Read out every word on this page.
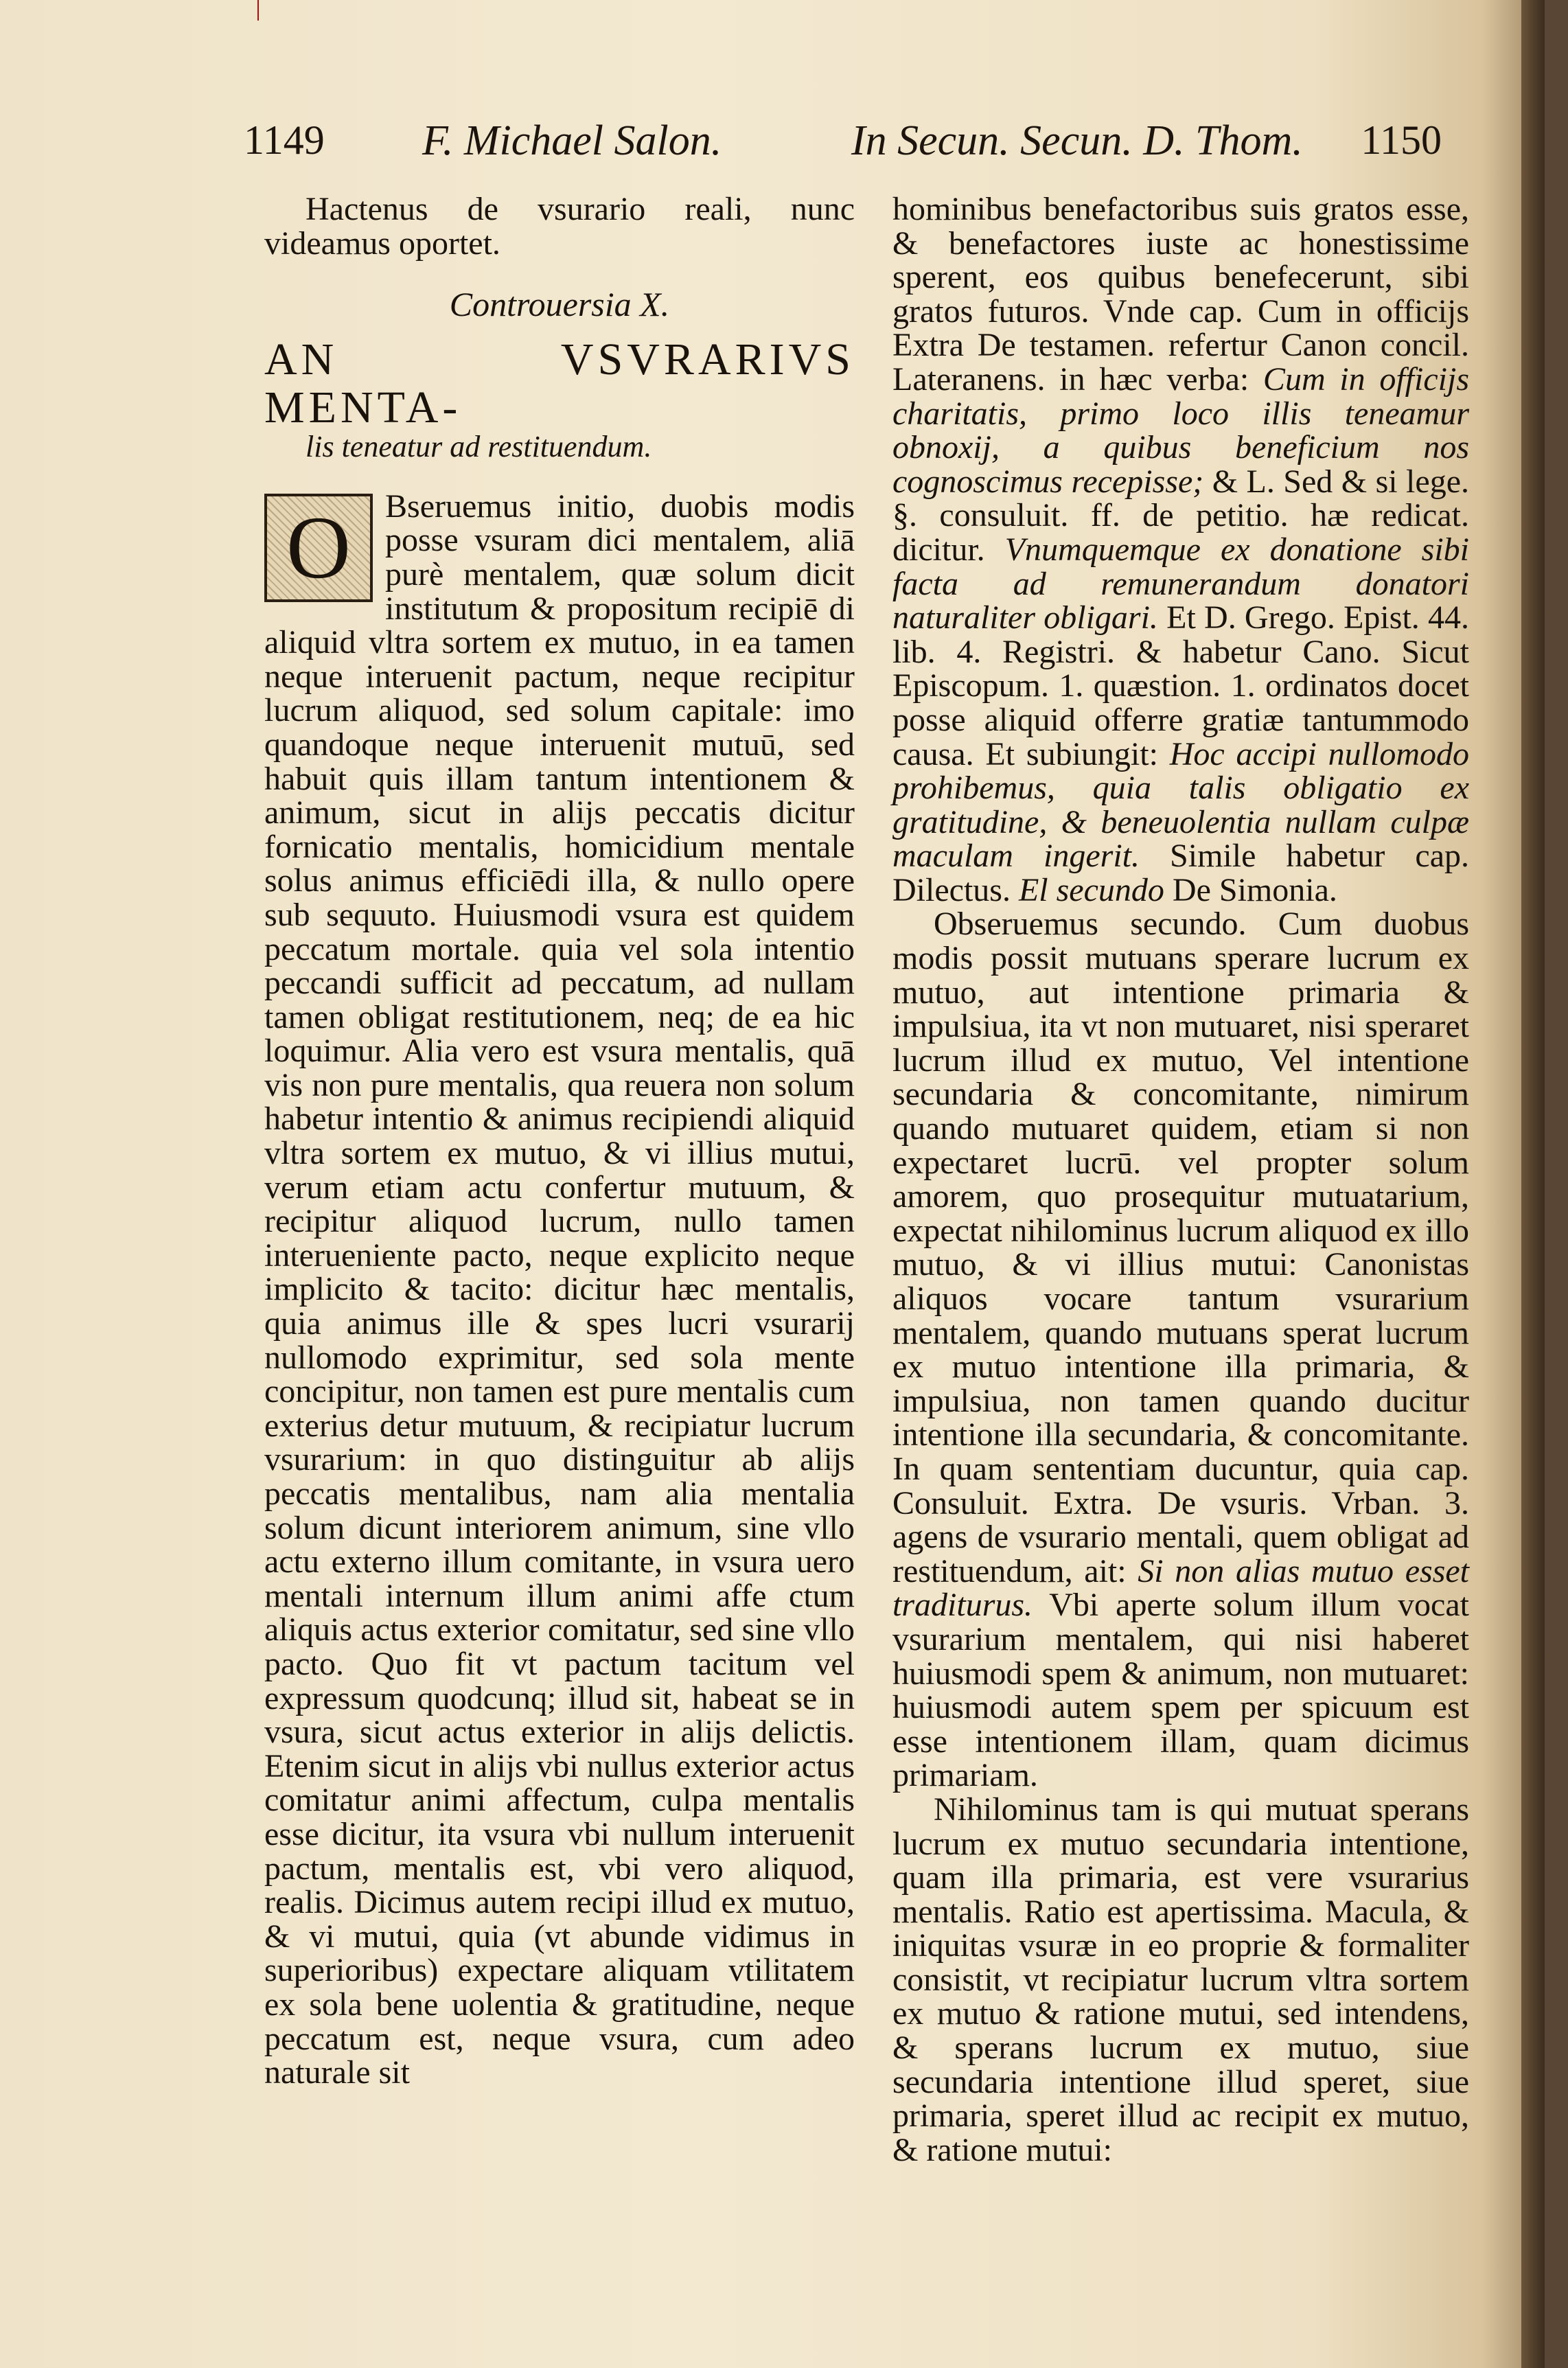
1149 F. Michael Salon.	In Secun. Secun. D. Thom. 1150

Hactenus de vsurario reali, nunc videamus oportet.

Controuersia X.

AN VSVRARIVS MENTA-

lis teneatur ad restituendum.

O	Bseruemus initio, duobis modis posse vsuram dici mentalem, aliā purè mentalem, quæ solum dicit institutum & propositum recipiē di aliquid vltra sortem ex mutuo, in ea tamen neque interuenit pactum, neque recipitur lucrum aliquod, sed solum capitale: imo quandoque neque interuenit mutuū, sed habuit quis illam tantum intentionem & animum, sicut in alijs peccatis dicitur fornicatio mentalis, homicidium mentale solus animus efficiēdi illa, & nullo opere sub sequuto. Huiusmodi vsura est quidem peccatum mortale. quia vel sola intentio peccandi sufficit ad peccatum, ad nullam tamen obligat restitutionem, neq; de ea hic loquimur. Alia vero est vsura mentalis, quā vis non pure mentalis, qua reuera non solum habetur intentio & animus recipiendi aliquid vltra sortem ex mutuo, & vi illius mutui, verum etiam actu confertur mutuum, & recipitur aliquod lucrum, nullo tamen interueniente pacto, neque explicito neque implicito & tacito: dicitur hæc mentalis, quia animus ille & spes lucri vsurarij nullomodo exprimitur, sed sola mente concipitur, non tamen est pure mentalis cum exterius detur mutuum, & recipiatur lucrum vsurarium: in quo distinguitur ab alijs peccatis mentalibus, nam alia mentalia solum dicunt interiorem animum, sine vllo actu externo illum comitante, in vsura uero mentali internum illum animi affe ctum aliquis actus exterior comitatur, sed sine vllo pacto. Quo fit vt pactum tacitum vel expressum quodcunq; illud sit, habeat se in vsura, sicut actus exterior in alijs delictis. Etenim sicut in alijs vbi nullus exterior actus comitatur animi affectum, culpa mentalis esse dicitur, ita vsura vbi nullum interuenit pactum, mentalis est, vbi vero aliquod, realis. Dicimus autem recipi illud ex mutuo, & vi mutui, quia (vt abunde vidimus in superioribus) expectare aliquam vtilitatem ex sola bene uolentia & gratitudine, neque peccatum est, neque vsura, cum adeo naturale sit

hominibus benefactoribus suis gratos esse, & benefactores iuste ac honestissime sperent, eos quibus benefecerunt, sibi gratos futuros. Vnde cap. Cum in officijs Extra De testamen. refertur Canon concil. Lateranens. in hæc verba: Cum in officijs charitatis, primo loco illis teneamur obnoxij, a quibus beneficium nos cognoscimus recepisse; & L. Sed & si lege. §. consuluit. ff. de petitio. hæ redicat. dicitur. Vnumquemque ex donatione sibi facta ad remunerandum donatori naturaliter obligari. Et D. Grego. Epist. 44. lib. 4. Registri. & habetur Cano. Sicut Episcopum. 1. quæstion. 1. ordinatos docet posse aliquid offerre gratiæ tantummodo causa. Et subiungit: Hoc accipi nullomodo prohibemus, quia talis obligatio ex gratitudine, & beneuolentia nullam culpæ maculam ingerit. Simile habetur cap. Dilectus. El secundo De Simonia.

Obseruemus secundo. Cum duobus modis possit mutuans sperare lucrum ex mutuo, aut intentione primaria & impulsiua, ita vt non mutuaret, nisi speraret lucrum illud ex mutuo, Vel intentione secundaria & concomitante, nimirum quando mutuaret quidem, etiam si non expectaret lucrū. vel propter solum amorem, quo prosequitur mutuatarium, expectat nihilominus lucrum aliquod ex illo mutuo, & vi illius mutui: Canonistas aliquos vocare tantum vsurarium mentalem, quando mutuans sperat lucrum ex mutuo intentione illa primaria, & impulsiua, non tamen quando ducitur intentione illa secundaria, & concomitante. In quam sententiam ducuntur, quia cap. Consuluit. Extra. De vsuris. Vrban. 3. agens de vsurario mentali, quem obligat ad restituendum, ait: Si non alias mutuo esset traditurus. Vbi aperte solum illum vocat vsurarium mentalem, qui nisi haberet huiusmodi spem & animum, non mutuaret: huiusmodi autem spem per spicuum est esse intentionem illam, quam dicimus primariam.

Nihilominus tam is qui mutuat sperans lucrum ex mutuo secundaria intentione, quam illa primaria, est vere vsurarius mentalis. Ratio est apertissima. Macula, & iniquitas vsuræ in eo proprie & formaliter consistit, vt recipiatur lucrum vltra sortem ex mutuo & ratione mutui, sed intendens, & sperans lucrum ex mutuo, siue secundaria intentione illud speret, siue primaria, speret illud ac recipit ex mutuo, & ratione mutui:
